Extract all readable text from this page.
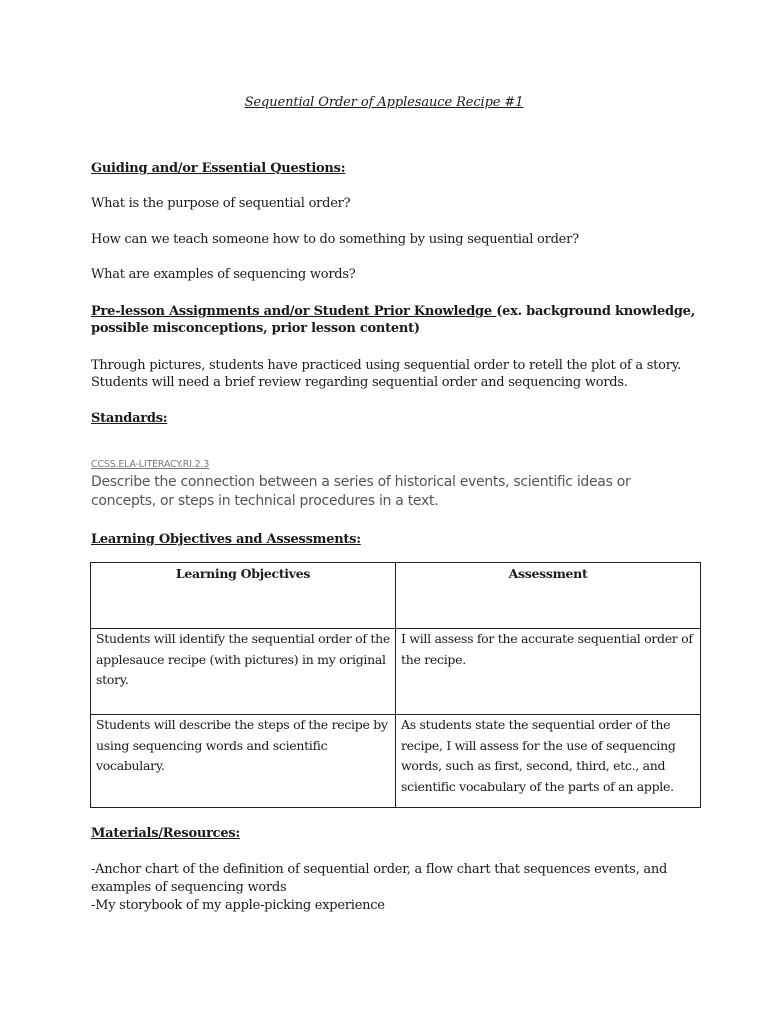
Sequential Order of Applesauce Recipe #1
Guiding and/or Essential Questions:
What is the purpose of sequential order?
How can we teach someone how to do something by using sequential order?
What are examples of sequencing words?
Pre-lesson Assignments and/or Student Prior Knowledge (ex. background knowledge,
possible misconceptions, prior lesson content)
Through pictures, students have practiced using sequential order to retell the plot of a story.
Students will need a brief review regarding sequential order and sequencing words.
Standards:
CCSS.ELA-LITERACY.RI.2.3
Describe the connection between a series of historical events, scientific ideas or concepts, or steps in technical procedures in a text.
Learning Objectives and Assessments:
Learning Objectives	Assessment
Students will identify the sequential order of the applesauce recipe (with pictures) in my original story.	I will assess for the accurate sequential order of the recipe.
Students will describe the steps of the recipe by using sequencing words and scientific vocabulary.	As students state the sequential order of the recipe, I will assess for the use of sequencing words, such as first, second, third, etc., and scientific vocabulary of the parts of an apple.
Materials/Resources:
-Anchor chart of the definition of sequential order, a flow chart that sequences events, and
examples of sequencing words
-My storybook of my apple-picking experience
